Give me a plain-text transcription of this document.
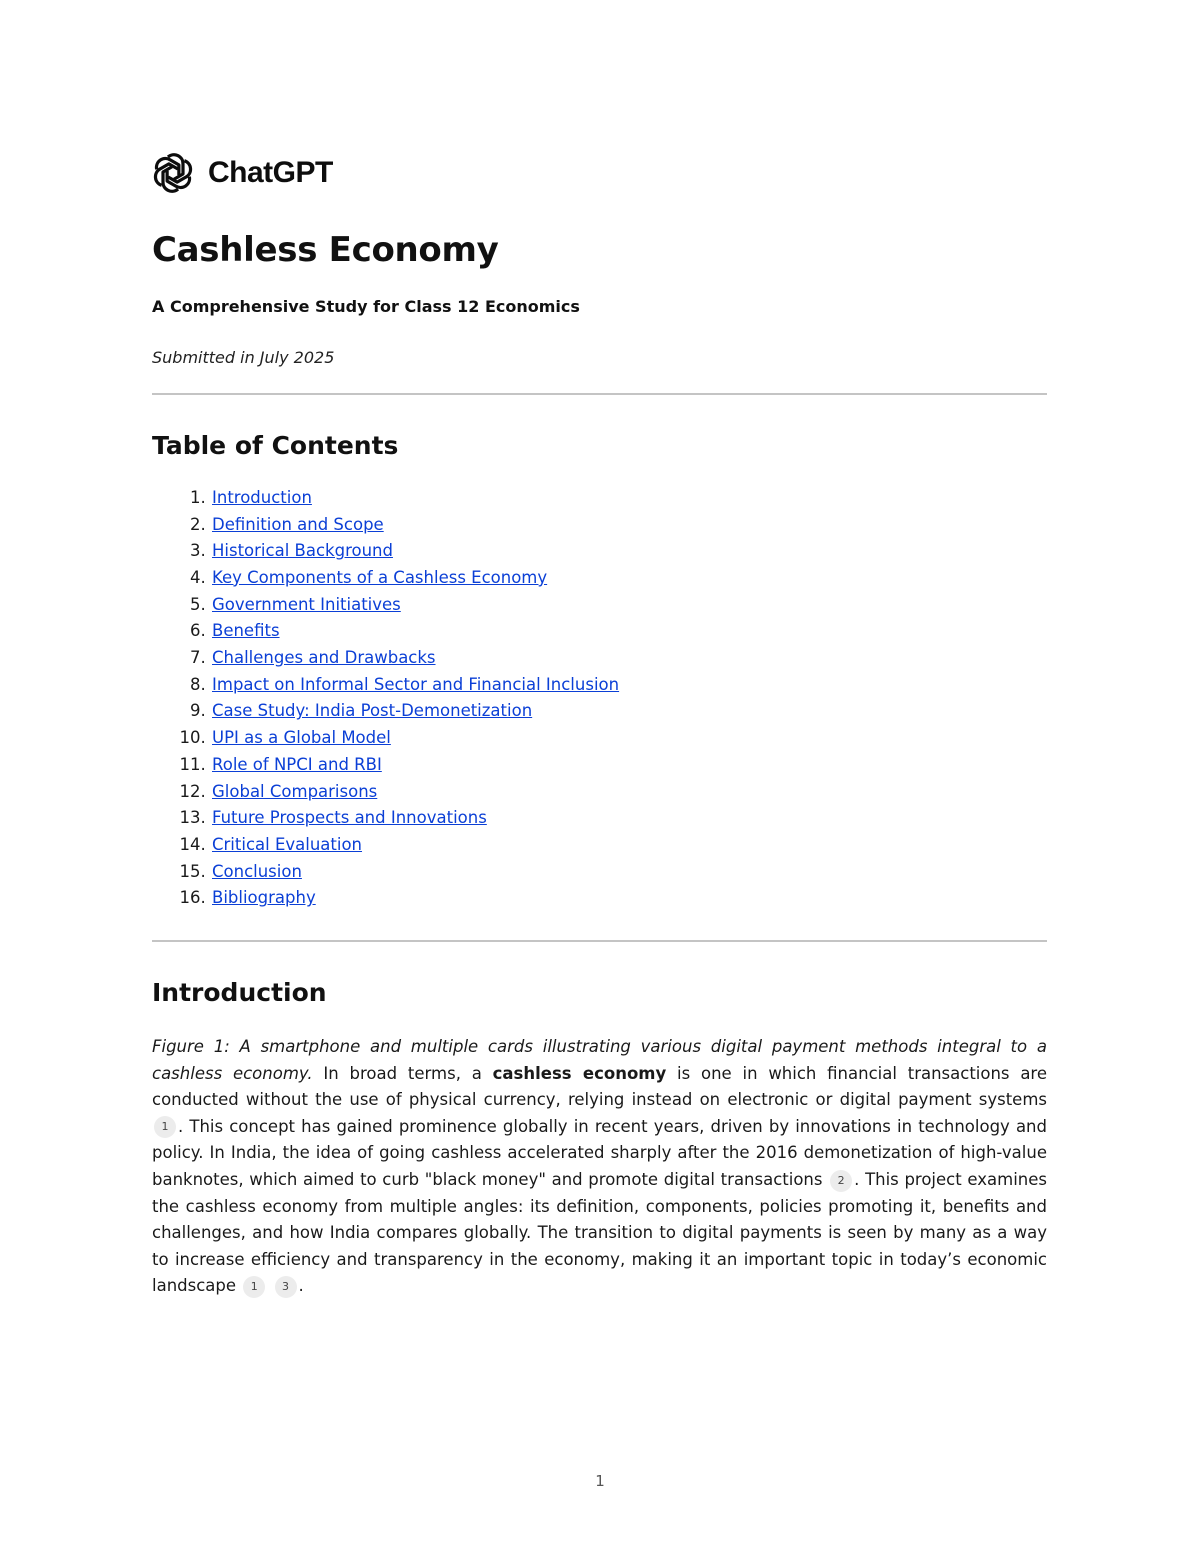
ChatGPT
Cashless Economy
A Comprehensive Study for Class 12 Economics
Submitted in July 2025
Table of Contents
1. Introduction
2. Definition and Scope
3. Historical Background
4. Key Components of a Cashless Economy
5. Government Initiatives
6. Benefits
7. Challenges and Drawbacks
8. Impact on Informal Sector and Financial Inclusion
9. Case Study: India Post-Demonetization
10. UPI as a Global Model
11. Role of NPCI and RBI
12. Global Comparisons
13. Future Prospects and Innovations
14. Critical Evaluation
15. Conclusion
16. Bibliography
Introduction

Figure 1: A smartphone and multiple cards illustrating various digital payment methods integral to a cashless economy. In broad terms, a cashless economy is one in which financial transactions are conducted without the use of physical currency, relying instead on electronic or digital payment systems 1 . This concept has gained prominence globally in recent years, driven by innovations in technology and policy. In India, the idea of going cashless accelerated sharply after the 2016 demonetization of high-value banknotes, which aimed to curb "black money" and promote digital transactions 2 . This project examines the cashless economy from multiple angles: its definition, components, policies promoting it, benefits and challenges, and how India compares globally. The transition to digital payments is seen by many as a way to increase efficiency and transparency in the economy, making it an important topic in today’s economic landscape 1 3 .

1
